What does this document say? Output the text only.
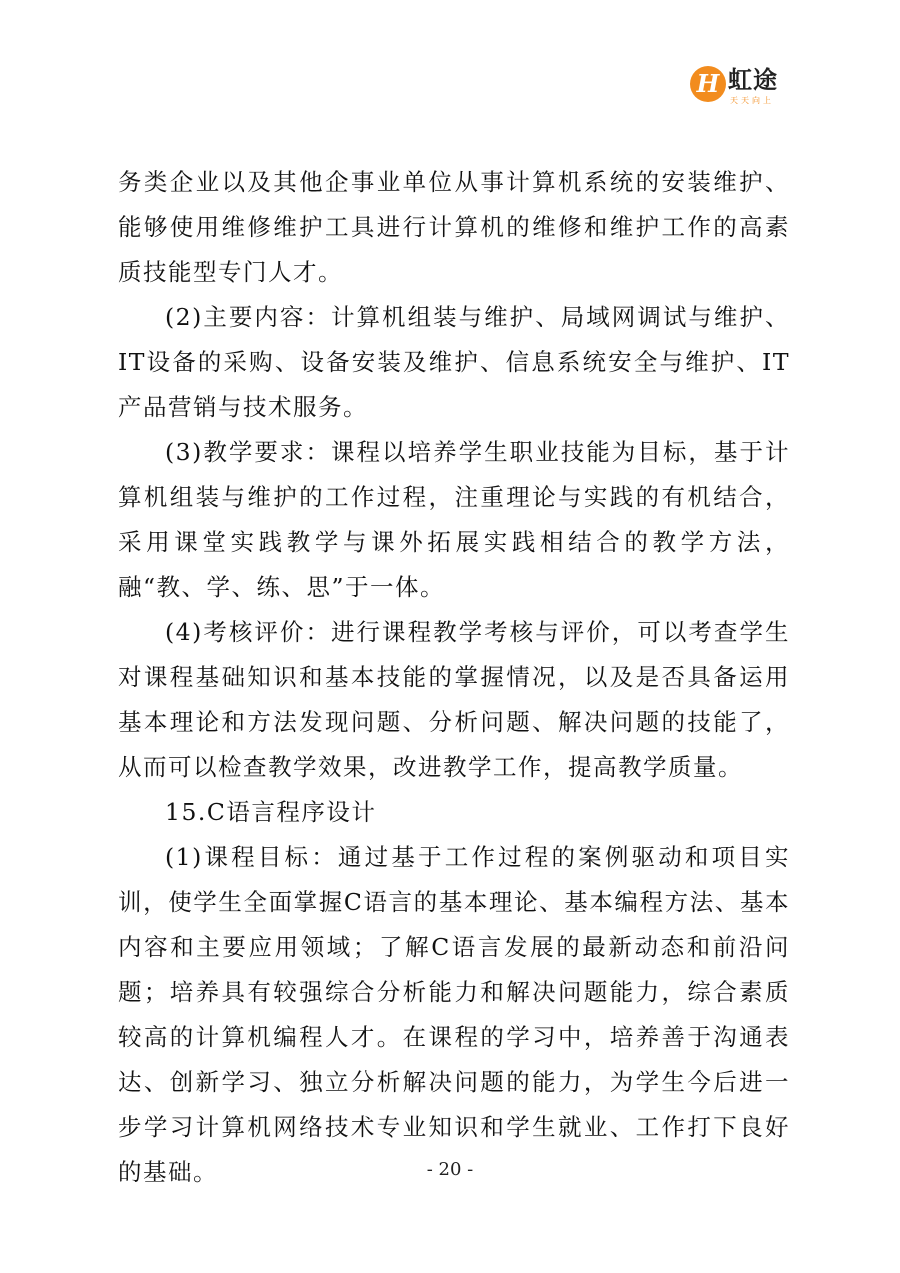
H 虹途
天天向上

务类企业以及其他企事业单位从事计算机系统的安装维护、能够使用维修维护工具进行计算机的维修和维护工作的高素质技能型专门人才。

(2)主要内容：计算机组装与维护、局域网调试与维护、IT设备的采购、设备安装及维护、信息系统安全与维护、IT产品营销与技术服务。

(3)教学要求：课程以培养学生职业技能为目标，基于计算机组装与维护的工作过程，注重理论与实践的有机结合，采用课堂实践教学与课外拓展实践相结合的教学方法，融“教、学、练、思”于一体。

(4)考核评价：进行课程教学考核与评价，可以考查学生对课程基础知识和基本技能的掌握情况，以及是否具备运用基本理论和方法发现问题、分析问题、解决问题的技能了，从而可以检查教学效果，改进教学工作，提高教学质量。

15.C语言程序设计

(1)课程目标：通过基于工作过程的案例驱动和项目实训，使学生全面掌握C语言的基本理论、基本编程方法、基本内容和主要应用领域；了解C语言发展的最新动态和前沿问题；培养具有较强综合分析能力和解决问题能力，综合素质较高的计算机编程人才。在课程的学习中，培养善于沟通表达、创新学习、独立分析解决问题的能力，为学生今后进一步学习计算机网络技术专业知识和学生就业、工作打下良好的基础。	- 20 -
